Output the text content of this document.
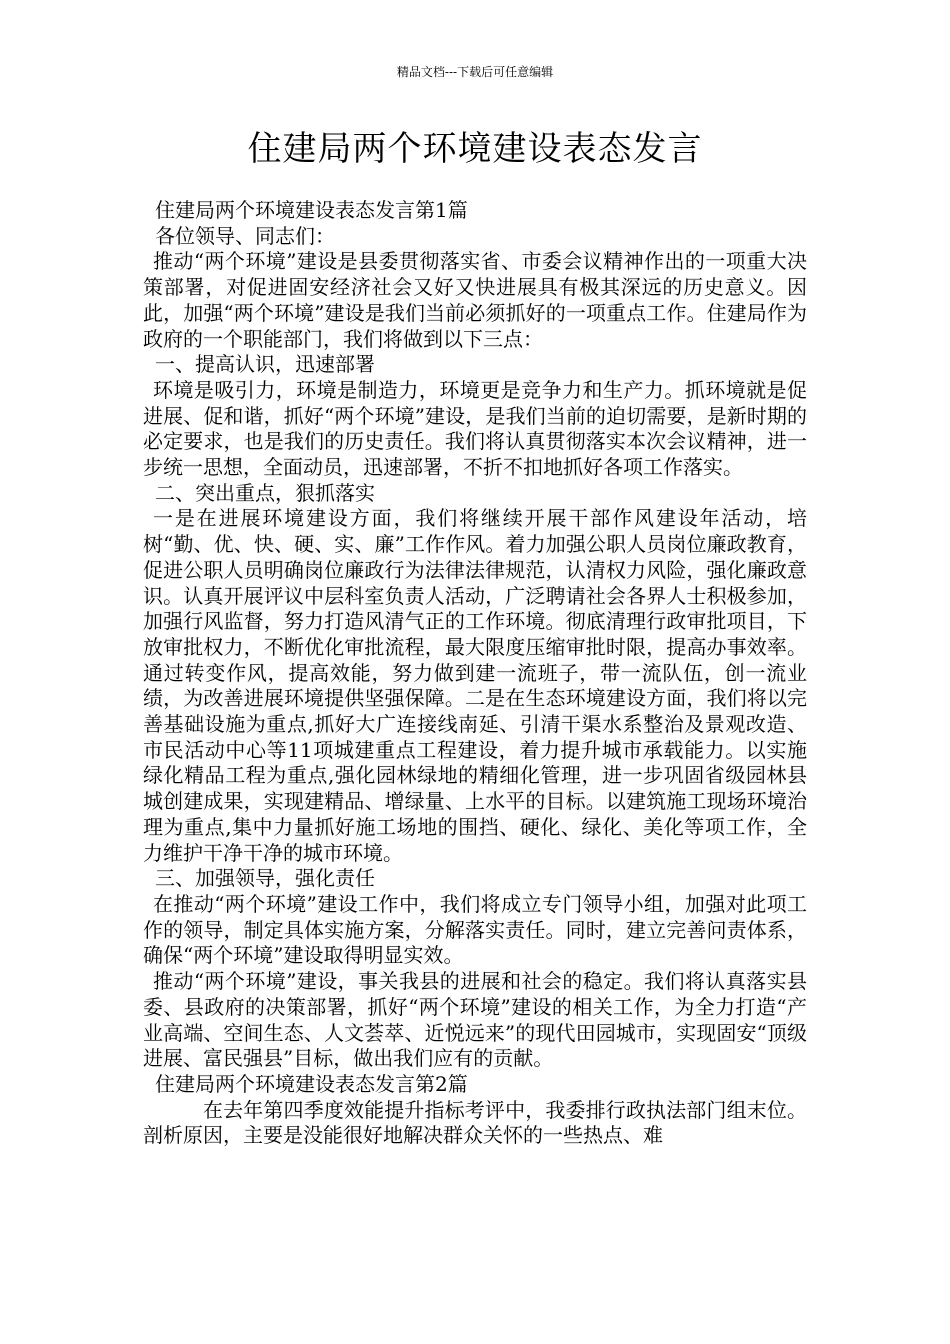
精品文档---下载后可任意编辑
住建局两个环境建设表态发言

住建局两个环境建设表态发言第1篇

各位领导、同志们：

推动“两个环境”建设是县委贯彻落实省、市委会议精神作出的一项重大决策部署，对促进固安经济社会又好又快进展具有极其深远的历史意义。因此，加强“两个环境”建设是我们当前必须抓好的一项重点工作。住建局作为政府的一个职能部门，我们将做到以下三点：

一、提高认识，迅速部署

环境是吸引力，环境是制造力，环境更是竞争力和生产力。抓环境就是促进展、促和谐，抓好“两个环境”建设，是我们当前的迫切需要，是新时期的必定要求，也是我们的历史责任。我们将认真贯彻落实本次会议精神，进一步统一思想，全面动员，迅速部署，不折不扣地抓好各项工作落实。

二、突出重点，狠抓落实

一是在进展环境建设方面，我们将继续开展干部作风建设年活动，培树“勤、优、快、硬、实、廉”工作作风。着力加强公职人员岗位廉政教育，促进公职人员明确岗位廉政行为法律法律规范，认清权力风险，强化廉政意识。认真开展评议中层科室负责人活动，广泛聘请社会各界人士积极参加，加强行风监督，努力打造风清气正的工作环境。彻底清理行政审批项目，下放审批权力，不断优化审批流程，最大限度压缩审批时限，提高办事效率。通过转变作风，提高效能，努力做到建一流班子，带一流队伍，创一流业绩，为改善进展环境提供坚强保障。二是在生态环境建设方面，我们将以完善基础设施为重点,抓好大广连接线南延、引清干渠水系整治及景观改造、市民活动中心等11项城建重点工程建设，着力提升城市承载能力。以实施绿化精品工程为重点,强化园林绿地的精细化管理，进一步巩固省级园林县城创建成果，实现建精品、增绿量、上水平的目标。以建筑施工现场环境治理为重点,集中力量抓好施工场地的围挡、硬化、绿化、美化等项工作，全力维护干净干净的城市环境。

三、加强领导，强化责任

在推动“两个环境”建设工作中，我们将成立专门领导小组，加强对此项工作的领导，制定具体实施方案，分解落实责任。同时，建立完善问责体系，确保“两个环境”建设取得明显实效。

推动“两个环境”建设，事关我县的进展和社会的稳定。我们将认真落实县委、县政府的决策部署，抓好“两个环境”建设的相关工作，为全力打造“产业高端、空间生态、人文荟萃、近悦远来”的现代田园城市，实现固安“顶级进展、富民强县”目标，做出我们应有的贡献。

住建局两个环境建设表态发言第2篇

在去年第四季度效能提升指标考评中，我委排行政执法部门组末位。剖析原因，主要是没能很好地解决群众关怀的一些热点、难
